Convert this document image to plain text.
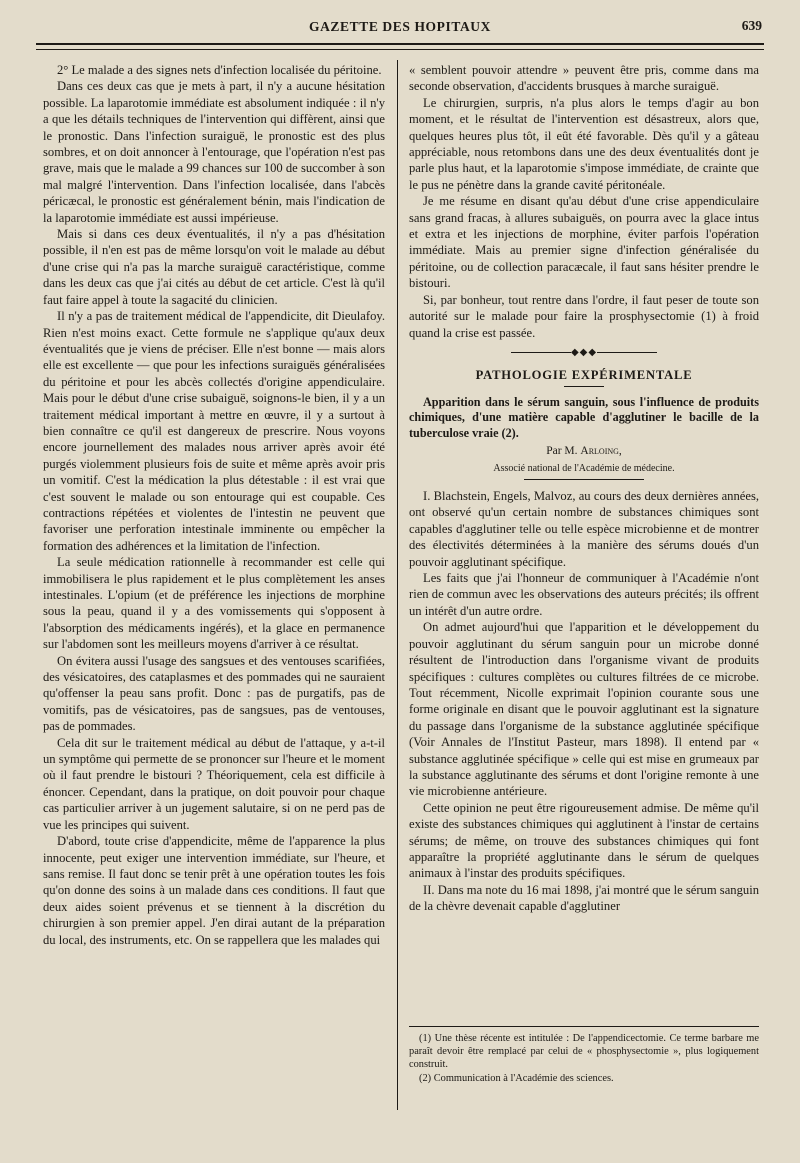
GAZETTE DES HOPITAUX	639

2° Le malade a des signes nets d'infection localisée du péritoine.

Dans ces deux cas que je mets à part, il n'y a aucune hésitation possible. La laparotomie immédiate est absolument indiquée : il n'y a que les détails techniques de l'intervention qui diffèrent, ainsi que le pronostic. Dans l'infection suraiguë, le pronostic est des plus sombres, et on doit annoncer à l'entourage, que l'opération n'est pas grave, mais que le malade a 99 chances sur 100 de succomber à son mal malgré l'intervention. Dans l'infection localisée, dans l'abcès péricæcal, le pronostic est généralement bénin, mais l'indication de la laparotomie immédiate est aussi impérieuse.

Mais si dans ces deux éventualités, il n'y a pas d'hésitation possible, il n'en est pas de même lorsqu'on voit le malade au début d'une crise qui n'a pas la marche suraiguë caractéristique, comme dans les deux cas que j'ai cités au début de cet article. C'est là qu'il faut faire appel à toute la sagacité du clinicien.

Il n'y a pas de traitement médical de l'appendicite, dit Dieulafoy. Rien n'est moins exact. Cette formule ne s'applique qu'aux deux éventualités que je viens de préciser. Elle n'est bonne — mais alors elle est excellente — que pour les infections suraiguës généralisées du péritoine et pour les abcès collectés d'origine appendiculaire. Mais pour le début d'une crise subaiguë, soignons-le bien, il y a un traitement médical important à mettre en œuvre, il y a surtout à bien connaître ce qu'il est dangereux de prescrire. Nous voyons encore journellement des malades nous arriver après avoir été purgés violemment plusieurs fois de suite et même après avoir pris un vomitif. C'est la médication la plus détestable : il est vrai que c'est souvent le malade ou son entourage qui est coupable. Ces contractions répétées et violentes de l'intestin ne peuvent que favoriser une perforation intestinale imminente ou empêcher la formation des adhérences et la limitation de l'infection.

La seule médication rationnelle à recommander est celle qui immobilisera le plus rapidement et le plus complètement les anses intestinales. L'opium (et de préférence les injections de morphine sous la peau, quand il y a des vomissements qui s'opposent à l'absorption des médicaments ingérés), et la glace en permanence sur l'abdomen sont les meilleurs moyens d'arriver à ce résultat.

On évitera aussi l'usage des sangsues et des ventouses scarifiées, des vésicatoires, des cataplasmes et des pommades qui ne sauraient qu'offenser la peau sans profit. Donc : pas de purgatifs, pas de vomitifs, pas de vésicatoires, pas de sangsues, pas de ventouses, pas de pommades.

Cela dit sur le traitement médical au début de l'attaque, y a-t-il un symptôme qui permette de se prononcer sur l'heure et le moment où il faut prendre le bistouri ? Théoriquement, cela est difficile à énoncer. Cependant, dans la pratique, on doit pouvoir pour chaque cas particulier arriver à un jugement salutaire, si on ne perd pas de vue les principes qui suivent.

D'abord, toute crise d'appendicite, même de l'apparence la plus innocente, peut exiger une intervention immédiate, sur l'heure, et sans remise. Il faut donc se tenir prêt à une opération toutes les fois qu'on donne des soins à un malade dans ces conditions. Il faut que deux aides soient prévenus et se tiennent à la discrétion du chirurgien à son premier appel. J'en dirai autant de la préparation du local, des instruments, etc. On se rappellera que les malades qui

« semblent pouvoir attendre » peuvent être pris, comme dans ma seconde observation, d'accidents brusques à marche suraiguë.

Le chirurgien, surpris, n'a plus alors le temps d'agir au bon moment, et le résultat de l'intervention est désastreux, alors que, quelques heures plus tôt, il eût été favorable. Dès qu'il y a gâteau appréciable, nous retombons dans une des deux éventualités dont je parle plus haut, et la laparotomie s'impose immédiate, de crainte que le pus ne pénètre dans la grande cavité péritonéale.

Je me résume en disant qu'au début d'une crise appendiculaire sans grand fracas, à allures subaiguës, on pourra avec la glace intus et extra et les injections de morphine, éviter parfois l'opération immédiate. Mais au premier signe d'infection généralisée du péritoine, ou de collection paracæcale, il faut sans hésiter prendre le bistouri.

Si, par bonheur, tout rentre dans l'ordre, il faut peser de toute son autorité sur le malade pour faire la prosphysectomie (1) à froid quand la crise est passée.

◆◆◆
PATHOLOGIE EXPÉRIMENTALE

Apparition dans le sérum sanguin, sous l'influence de produits chimiques, d'une matière capable d'agglutiner le bacille de la tuberculose vraie (2).

Par M. Arloing,
Associé national de l'Académie de médecine.

I. Blachstein, Engels, Malvoz, au cours des deux dernières années, ont observé qu'un certain nombre de substances chimiques sont capables d'agglutiner telle ou telle espèce microbienne et de montrer des électivités déterminées à la manière des sérums doués d'un pouvoir agglutinant spécifique.

Les faits que j'ai l'honneur de communiquer à l'Académie n'ont rien de commun avec les observations des auteurs précités; ils offrent un intérêt d'un autre ordre.

On admet aujourd'hui que l'apparition et le développement du pouvoir agglutinant du sérum sanguin pour un microbe donné résultent de l'introduction dans l'organisme vivant de produits spécifiques : cultures complètes ou cultures filtrées de ce microbe. Tout récemment, Nicolle exprimait l'opinion courante sous une forme originale en disant que le pouvoir agglutinant est la signature du passage dans l'organisme de la substance agglutinée spécifique (Voir Annales de l'Institut Pasteur, mars 1898). Il entend par « substance agglutinée spécifique » celle qui est mise en grumeaux par la substance agglutinante des sérums et dont l'origine remonte à une vie microbienne antérieure.

Cette opinion ne peut être rigoureusement admise. De même qu'il existe des substances chimiques qui agglutinent à l'instar de certains sérums; de même, on trouve des substances chimiques qui font apparaître la propriété agglutinante dans le sérum de quelques animaux à l'instar des produits spécifiques.

II. Dans ma note du 16 mai 1898, j'ai montré que le sérum sanguin de la chèvre devenait capable d'agglutiner

(1) Une thèse récente est intitulée : De l'appendicectomie. Ce terme barbare me paraît devoir être remplacé par celui de « phosphysectomie », plus logiquement construit.

(2) Communication à l'Académie des sciences.
